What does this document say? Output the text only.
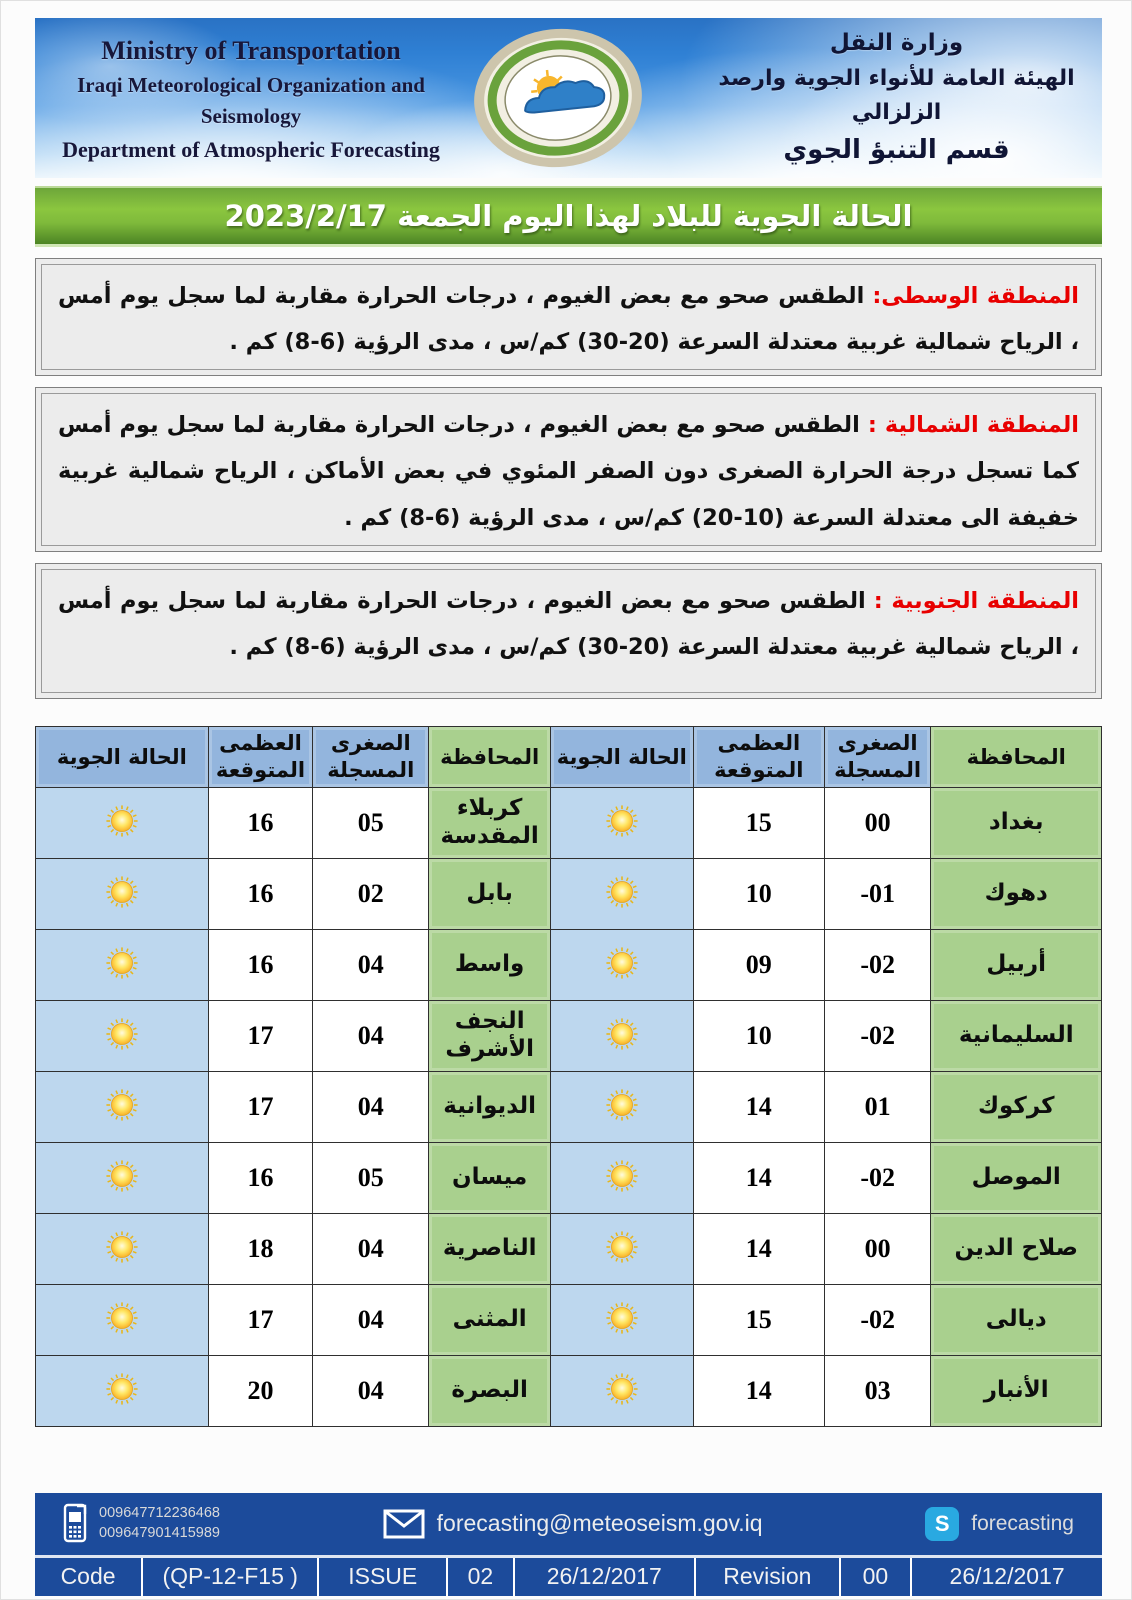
Ministry of Transportation
Iraqi Meteorological Organization and Seismology
Department of Atmospheric Forecasting
وزارة النقل
الهيئة العامة للأنواء الجوية وارصد الزلزالي
قسم التنبؤ الجوي
الحالة الجوية للبلاد لهذا اليوم الجمعة 2023/2/17

المنطقة الوسطى:الطقس صحو مع بعض الغيوم ، درجات الحرارة مقاربة لما سجل يوم أمس ، الرياح شمالية غربية معتدلة السرعة (20-30) كم/س ، مدى الرؤية (6-8) كم .

المنطقة الشمالية :الطقس صحو مع بعض الغيوم ، درجات الحرارة مقاربة لما سجل يوم أمس كما تسجل درجة الحرارة الصغرى دون الصفر المئوي في بعض الأماكن ، الرياح شمالية غربية خفيفة الى معتدلة السرعة (10-20) كم/س ، مدى الرؤية (6-8) كم .

المنطقة الجنوبية :الطقس صحو مع بعض الغيوم ، درجات الحرارة مقاربة لما سجل يوم أمس ، الرياح شمالية غربية معتدلة السرعة (20-30) كم/س ، مدى الرؤية (6-8) كم .

المحافظة	الصغرى المسجلة	العظمى المتوقعة	الحالة الجوية	المحافظة	الصغرى المسجلة	العظمى المتوقعة	الحالة الجوية
بغداد	00	15		كربلاء المقدسة	05	16	
دهوك	-01	10		بابل	02	16	
أربيل	-02	09		واسط	04	16	
السليمانية	-02	10		النجف الأشرف	04	17	
كركوك	01	14		الديوانية	04	17	
الموصل	-02	14		ميسان	05	16	
صلاح الدين	00	14		الناصرية	04	18	
ديالى	-02	15		المثنى	04	17	
الأنبار	03	14		البصرة	04	20	
009647712236468
009647901415989	forecasting@meteoseism.gov.iq	S	forecasting
Code	(QP-12-F15 )	ISSUE	02	26/12/2017	Revision	00	26/12/2017
